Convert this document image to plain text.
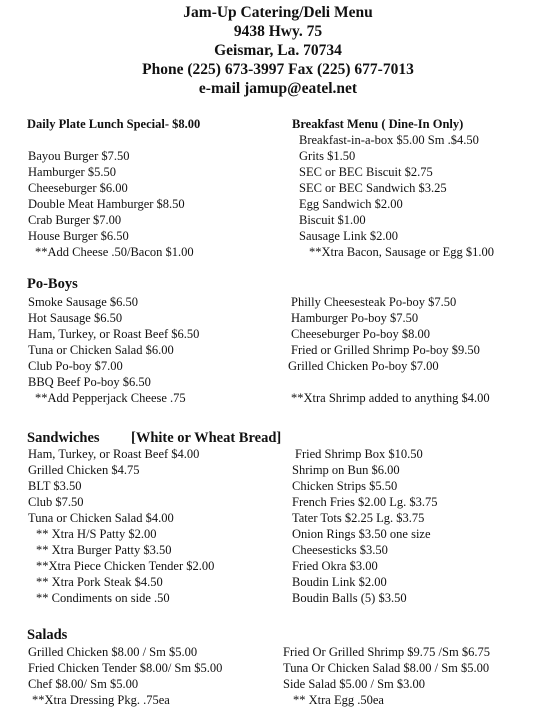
Jam-Up Catering/Deli Menu
9438 Hwy. 75
Geismar, La. 70734
Phone (225) 673-3997 Fax (225) 677-7013
e-mail jamup@eatel.net
Daily Plate Lunch Special- $8.00	Breakfast Menu ( Dine-In Only)
Bayou Burger $7.50
Hamburger $5.50
Cheeseburger $6.00
Double Meat Hamburger $8.50
Crab Burger $7.00
House Burger $6.50
**Add Cheese .50/Bacon $1.00
Breakfast-in-a-box $5.00 Sm .$4.50
Grits $1.50
SEC or BEC Biscuit $2.75
SEC or BEC Sandwich $3.25
Egg Sandwich $2.00
Biscuit $1.00
Sausage Link $2.00
**Xtra Bacon, Sausage or Egg $1.00
Po-Boys
Smoke Sausage $6.50
Hot Sausage $6.50
Ham, Turkey, or Roast Beef $6.50
Tuna or Chicken Salad $6.00
Club Po-boy $7.00
BBQ Beef Po-boy $6.50
**Add Pepperjack Cheese .75
Philly Cheesesteak Po-boy $7.50
Hamburger Po-boy $7.50
Cheeseburger Po-boy $8.00
Fried or Grilled Shrimp Po-boy $9.50
Grilled Chicken Po-boy $7.00
**Xtra Shrimp added to anything $4.00
Sandwiches [White or Wheat Bread]
Ham, Turkey, or Roast Beef $4.00
Grilled Chicken $4.75
BLT $3.50
Club $7.50
Tuna or Chicken Salad $4.00
** Xtra H/S Patty $2.00
** Xtra Burger Patty $3.50
**Xtra Piece Chicken Tender $2.00
** Xtra Pork Steak $4.50
** Condiments on side .50
Fried Shrimp Box $10.50
Shrimp on Bun $6.00
Chicken Strips $5.50
French Fries $2.00 Lg. $3.75
Tater Tots $2.25 Lg. $3.75
Onion Rings $3.50 one size
Cheesesticks $3.50
Fried Okra $3.00
Boudin Link $2.00
Boudin Balls (5) $3.50
Salads
Grilled Chicken $8.00 / Sm $5.00
Fried Chicken Tender $8.00/ Sm $5.00
Chef $8.00/ Sm $5.00
**Xtra Dressing Pkg. .75ea
Fried Or Grilled Shrimp $9.75 /Sm $6.75
Tuna Or Chicken Salad $8.00 / Sm $5.00
Side Salad $5.00 / Sm $3.00
** Xtra Egg .50ea
